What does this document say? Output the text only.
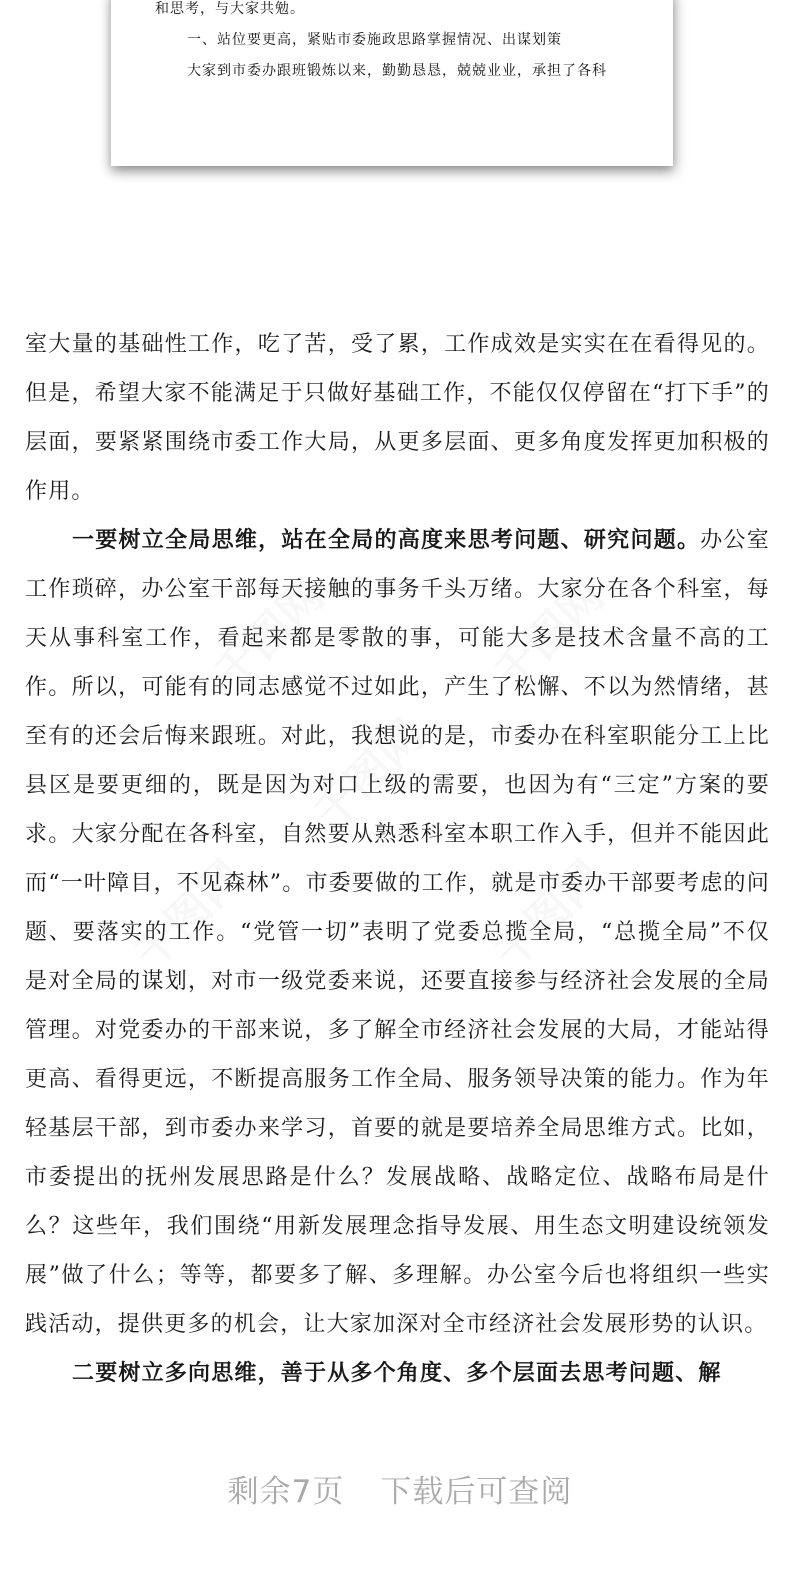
和思考，与大家共勉。
一、站位要更高，紧贴市委施政思路掌握情况、出谋划策
大家到市委办跟班锻炼以来，勤勤恳恳，兢兢业业，承担了各科
千图网	千图网
千图网
千图网	千图网

室大量的基础性工作，吃了苦，受了累，工作成效是实实在在看得见的。但是，希望大家不能满足于只做好基础工作，不能仅仅停留在“打下手”的层面，要紧紧围绕市委工作大局，从更多层面、更多角度发挥更加积极的作用。

一要树立全局思维，站在全局的高度来思考问题、研究问题。办公室工作琐碎，办公室干部每天接触的事务千头万绪。大家分在各个科室，每天从事科室工作，看起来都是零散的事，可能大多是技术含量不高的工作。所以，可能有的同志感觉不过如此，产生了松懈、不以为然情绪，甚至有的还会后悔来跟班。对此，我想说的是，市委办在科室职能分工上比县区是要更细的，既是因为对口上级的需要，也因为有“三定”方案的要求。大家分配在各科室，自然要从熟悉科室本职工作入手，但并不能因此而“一叶障目，不见森林”。市委要做的工作，就是市委办干部要考虑的问题、要落实的工作。“党管一切”表明了党委总揽全局，“总揽全局”不仅是对全局的谋划，对市一级党委来说，还要直接参与经济社会发展的全局管理。对党委办的干部来说，多了解全市经济社会发展的大局，才能站得更高、看得更远，不断提高服务工作全局、服务领导决策的能力。作为年轻基层干部，到市委办来学习，首要的就是要培养全局思维方式。比如，市委提出的抚州发展思路是什么？发展战略、战略定位、战略布局是什么？这些年，我们围绕“用新发展理念指导发展、用生态文明建设统领发展”做了什么；等等，都要多了解、多理解。办公室今后也将组织一些实践活动，提供更多的机会，让大家加深对全市经济社会发展形势的认识。

二要树立多向思维，善于从多个角度、多个层面去思考问题、解

剩余7页 下载后可查阅
